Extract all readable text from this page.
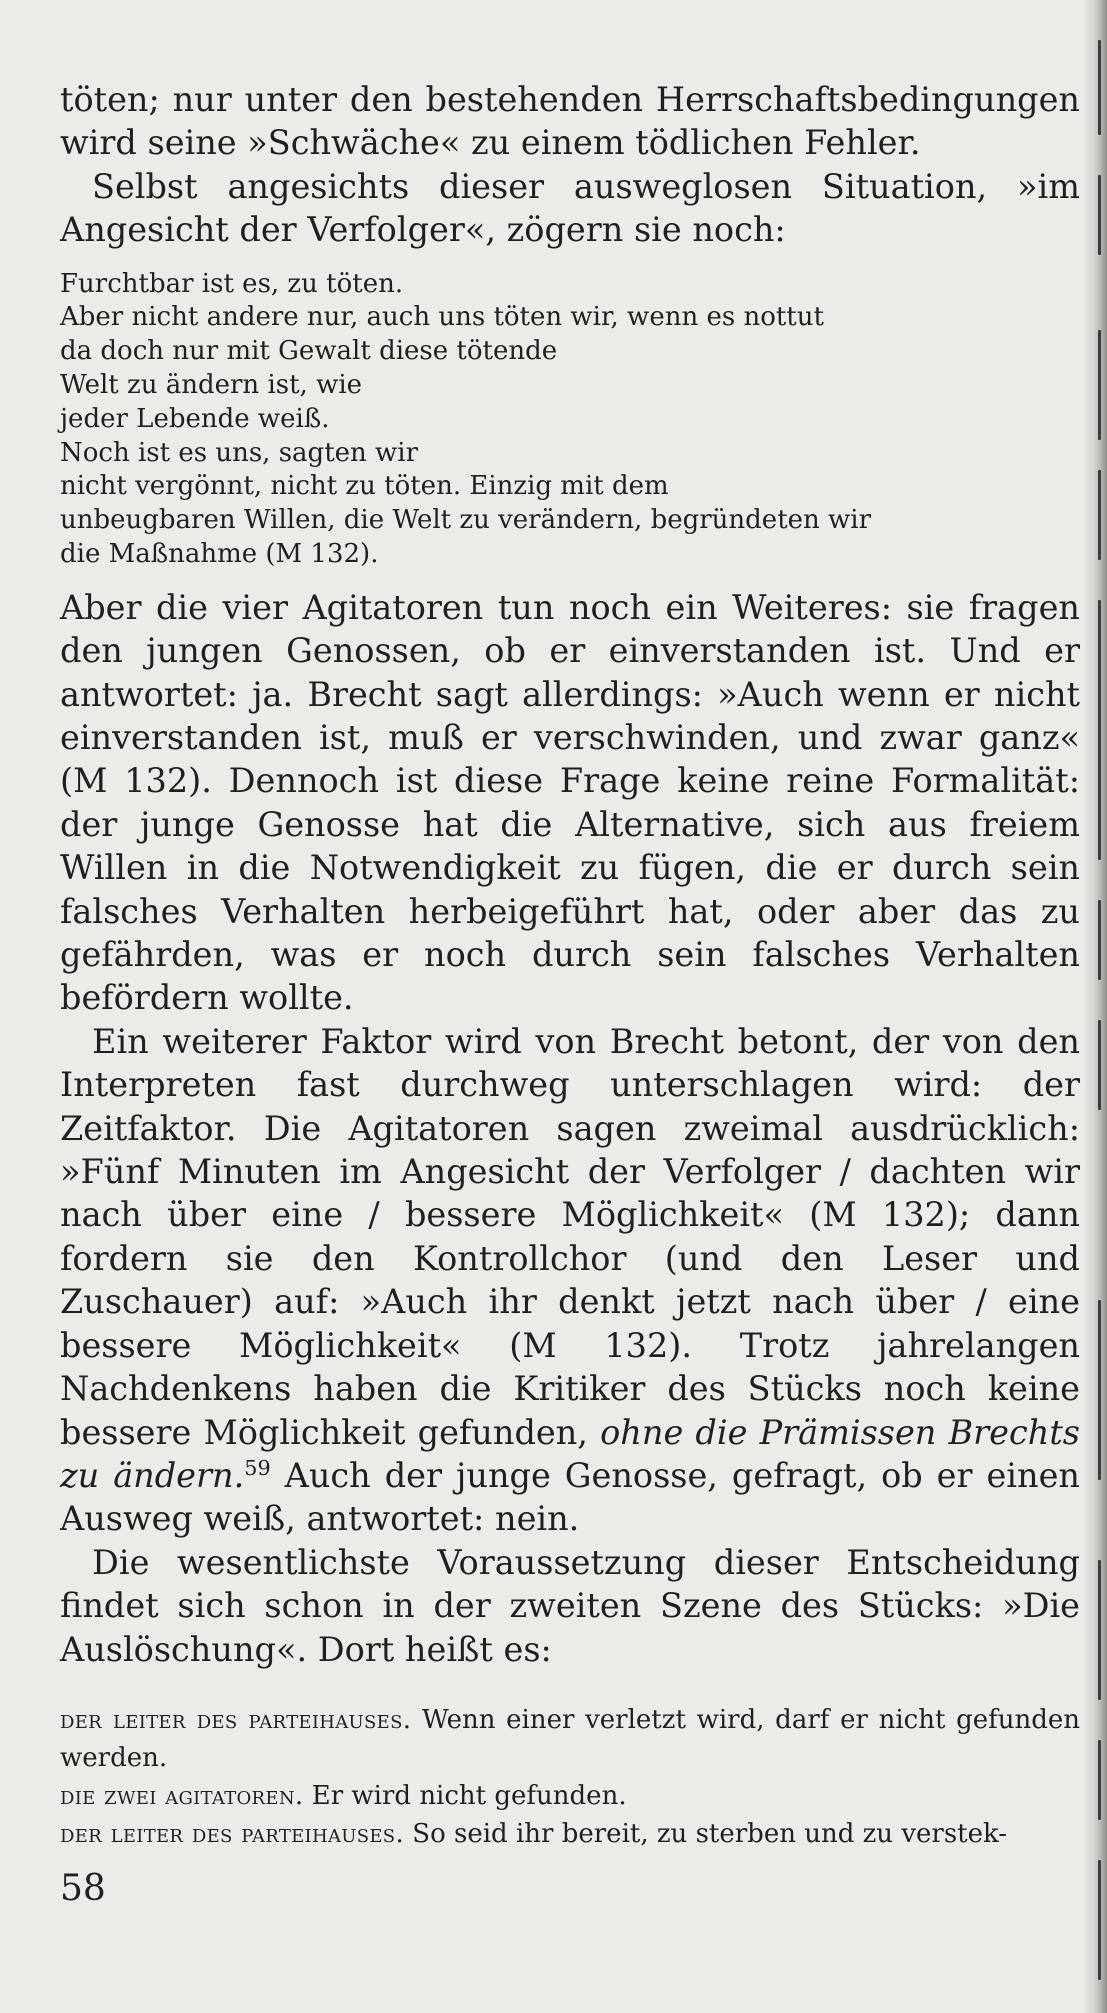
töten; nur unter den bestehenden Herrschaftsbedingungen wird seine »Schwäche« zu einem tödlichen Fehler.

Selbst angesichts dieser ausweglosen Situation, »im Angesicht der Verfolger«, zögern sie noch:

Furchtbar ist es, zu töten.
Aber nicht andere nur, auch uns töten wir, wenn es nottut
da doch nur mit Gewalt diese tötende
Welt zu ändern ist, wie
jeder Lebende weiß.
Noch ist es uns, sagten wir
nicht vergönnt, nicht zu töten. Einzig mit dem
unbeugbaren Willen, die Welt zu verändern, begründeten wir
die Maßnahme (M 132).

Aber die vier Agitatoren tun noch ein Weiteres: sie fragen den jungen Genossen, ob er einverstanden ist. Und er antwortet: ja. Brecht sagt allerdings: »Auch wenn er nicht einverstanden ist, muß er verschwinden, und zwar ganz« (M 132). Dennoch ist diese Frage keine reine Formalität: der junge Genosse hat die Alternative, sich aus freiem Willen in die Notwendigkeit zu fügen, die er durch sein falsches Verhalten herbeigeführt hat, oder aber das zu gefährden, was er noch durch sein falsches Verhalten befördern wollte.

Ein weiterer Faktor wird von Brecht betont, der von den Interpreten fast durchweg unterschlagen wird: der Zeitfaktor. Die Agitatoren sagen zweimal ausdrücklich: »Fünf Minuten im Angesicht der Verfolger / dachten wir nach über eine / bessere Möglichkeit« (M 132); dann fordern sie den Kontrollchor (und den Leser und Zuschauer) auf: »Auch ihr denkt jetzt nach über / eine bessere Möglichkeit« (M 132). Trotz jahrelangen Nachdenkens haben die Kritiker des Stücks noch keine bessere Möglichkeit gefunden, ohne die Prämissen Brechts zu ändern.$^{59}$ Auch der junge Genosse, gefragt, ob er einen Ausweg weiß, antwortet: nein.

Die wesentlichste Voraussetzung dieser Entscheidung findet sich schon in der zweiten Szene des Stücks: »Die Auslöschung«. Dort heißt es:

der leiter des parteihauses. Wenn einer verletzt wird, darf er nicht gefunden werden.
die zwei agitatoren. Er wird nicht gefunden.
der leiter des parteihauses. So seid ihr bereit, zu sterben und zu verstek-
58
